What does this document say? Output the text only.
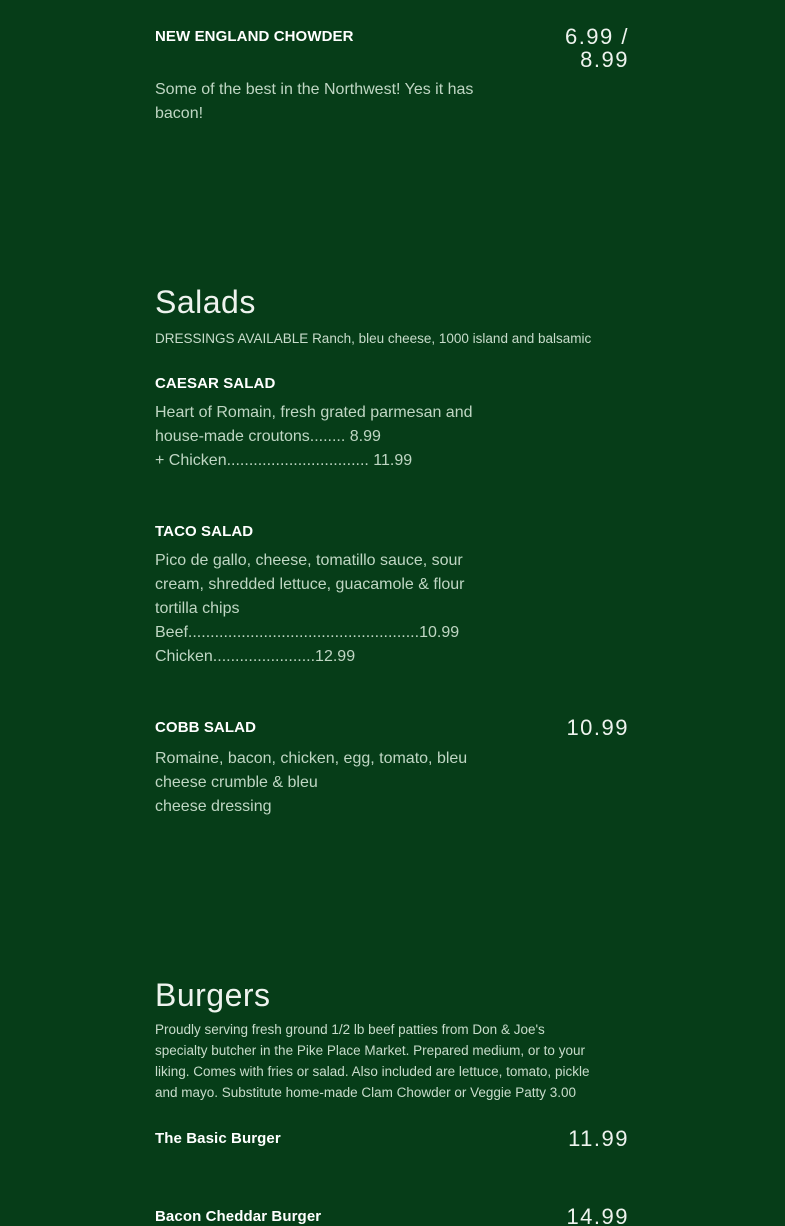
NEW ENGLAND CHOWDER	6.99 /
8.99
Some of the best in the Northwest! Yes it has
bacon!
Salads
DRESSINGS AVAILABLE Ranch, bleu cheese, 1000 island and balsamic
CAESAR SALAD
Heart of Romain, fresh grated parmesan and
house-made croutons........ 8.99
+ Chicken................................ 11.99
TACO SALAD
Pico de gallo, cheese, tomatillo sauce, sour
cream, shredded lettuce, guacamole & flour
tortilla chips
Beef....................................................10.99
Chicken.......................12.99
COBB SALAD	10.99
Romaine, bacon, chicken, egg, tomato, bleu
cheese crumble & bleu
cheese dressing
Burgers
Proudly serving fresh ground 1/2 lb beef patties from Don & Joe's
specialty butcher in the Pike Place Market. Prepared medium, or to your
liking. Comes with fries or salad. Also included are lettuce, tomato, pickle
and mayo. Substitute home-made Clam Chowder or Veggie Patty 3.00
The Basic Burger	11.99
Bacon Cheddar Burger	14.99
